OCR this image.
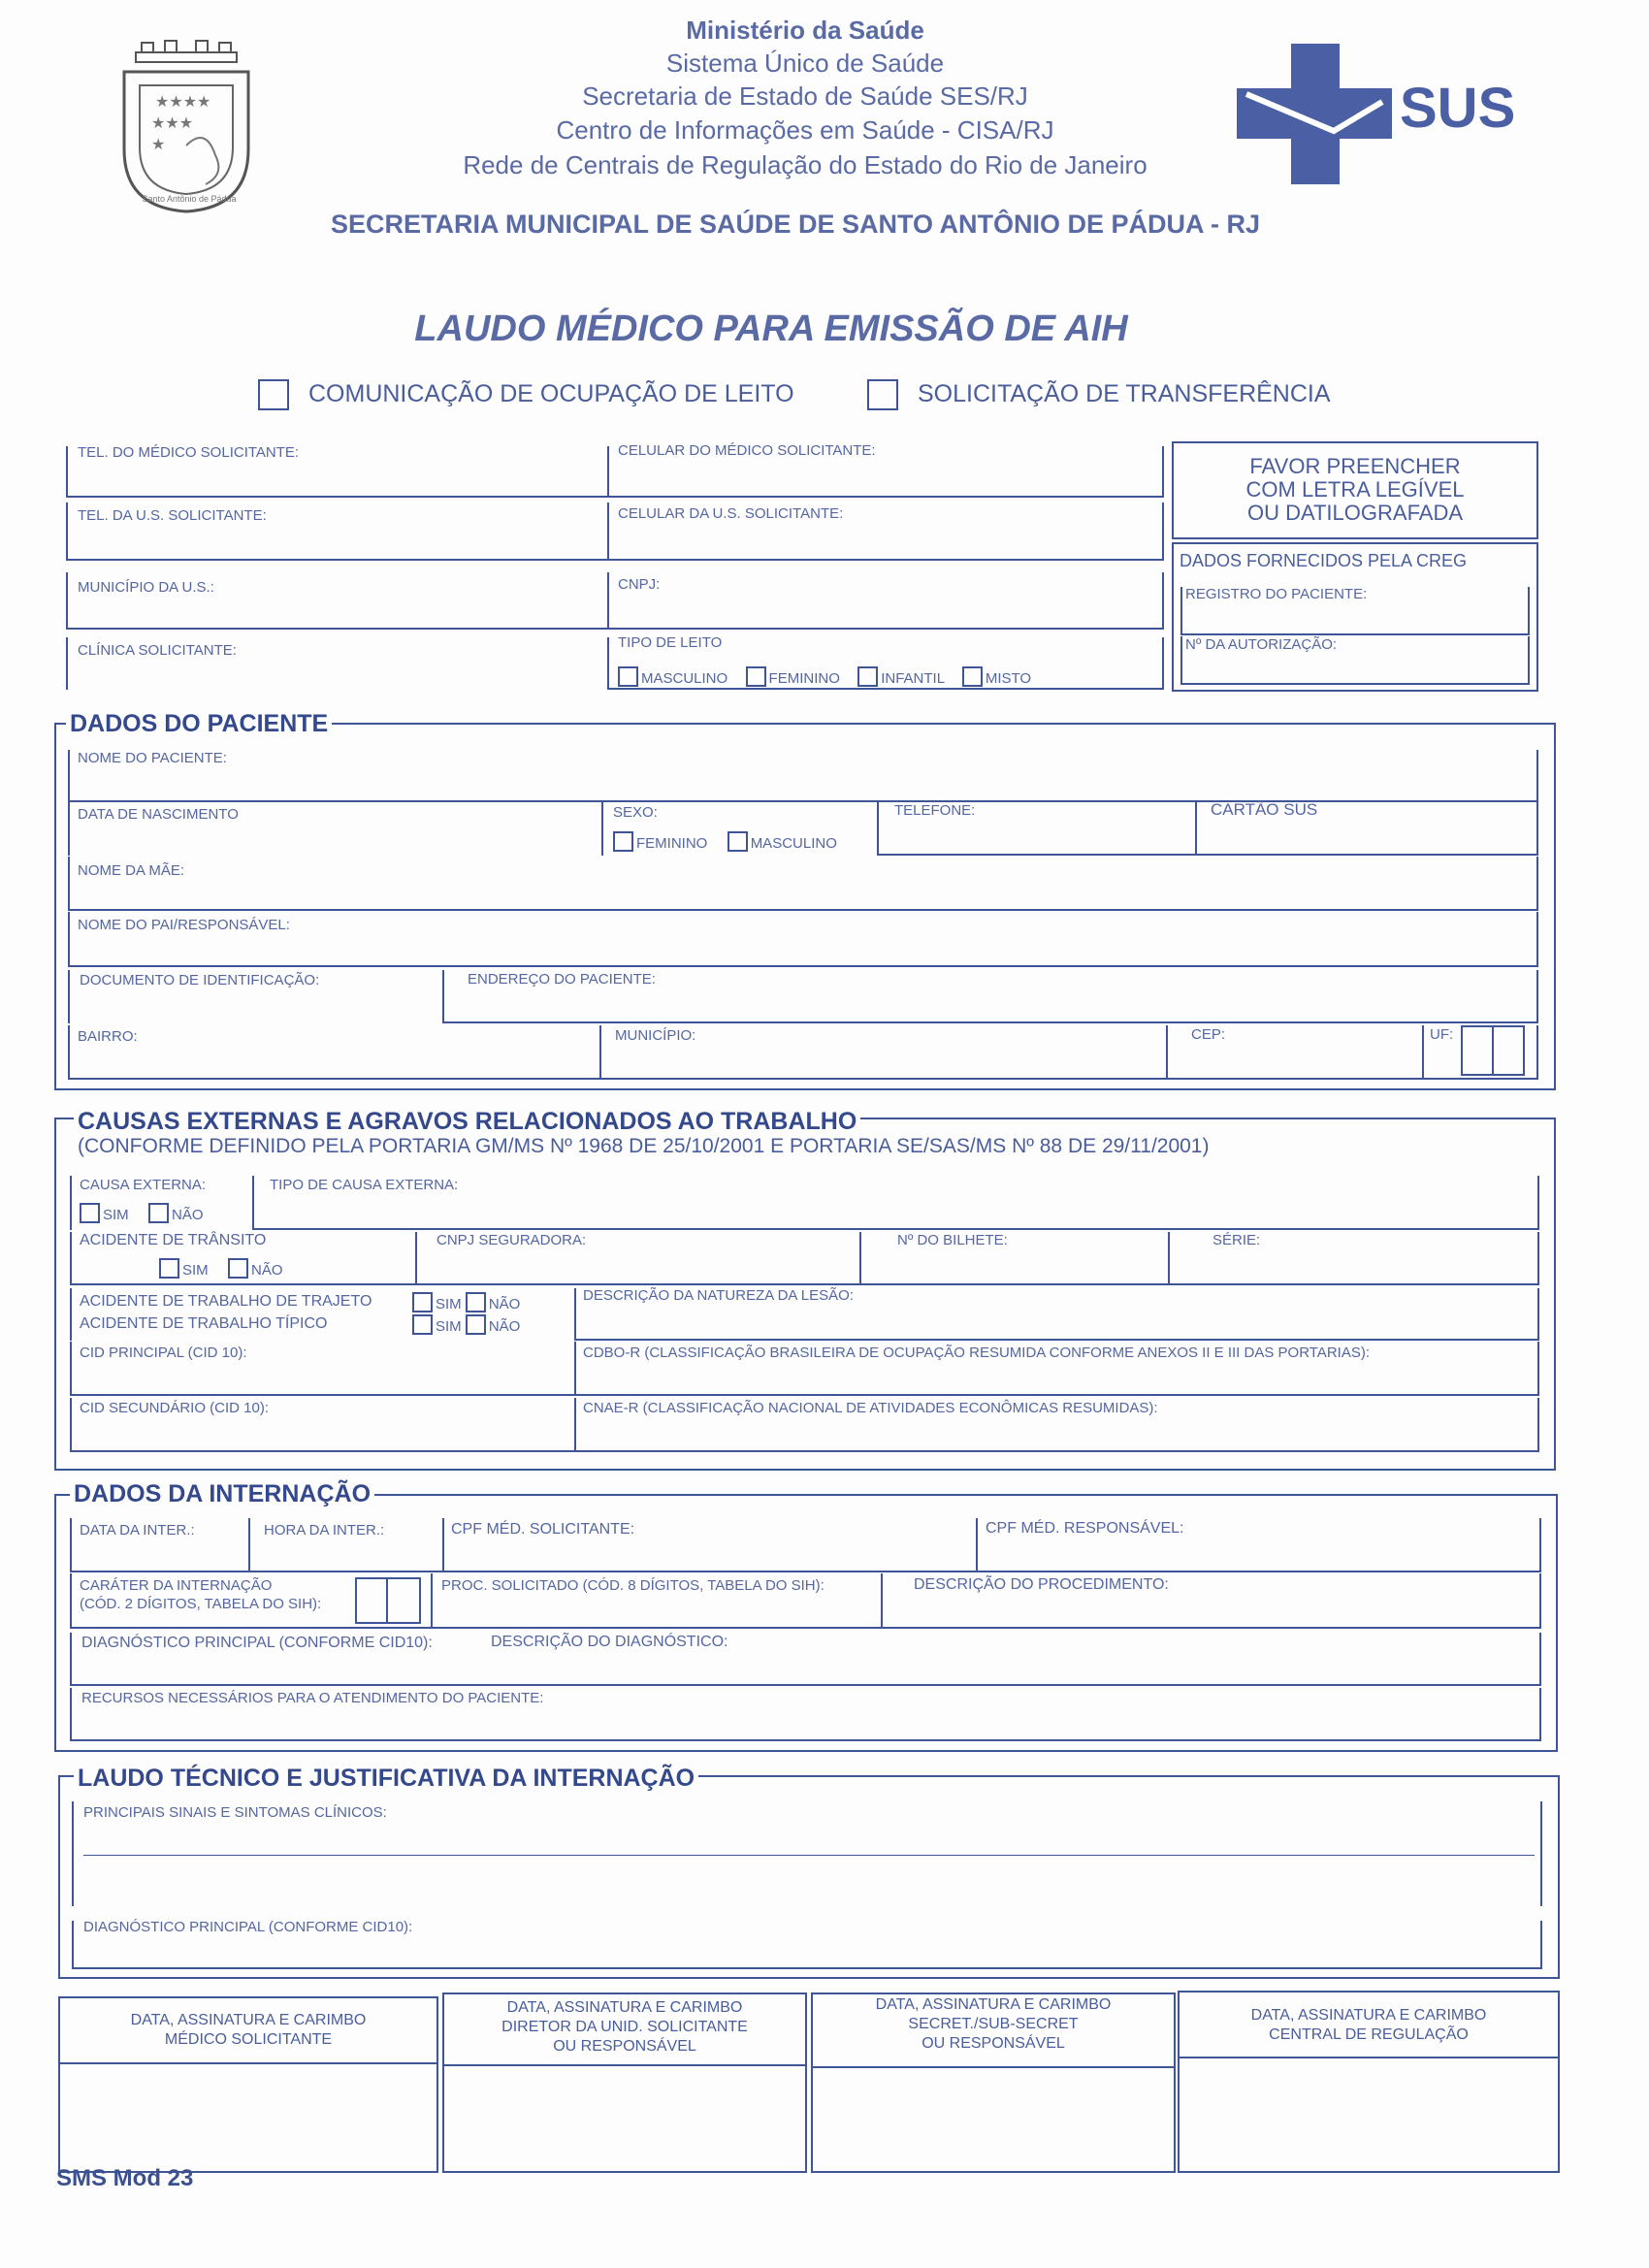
★★★★
★★★
★
Santo Antônio de Pádua
Ministério da Saúde
Sistema Único de Saúde
Secretaria de Estado de Saúde SES/RJ
Centro de Informações em Saúde - CISA/RJ
Rede de Centrais de Regulação do Estado do Rio de Janeiro
SECRETARIA MUNICIPAL DE SAÚDE DE SANTO ANTÔNIO DE PÁDUA - RJ
SUS
LAUDO MÉDICO PARA EMISSÃO DE AIH
COMUNICAÇÃO DE OCUPAÇÃO DE LEITO	SOLICITAÇÃO DE TRANSFERÊNCIA
TEL. DO MÉDICO SOLICITANTE:	CELULAR DO MÉDICO SOLICITANTE:
TEL. DA U.S. SOLICITANTE:	CELULAR DA U.S. SOLICITANTE:
MUNICÍPIO DA U.S.:	CNPJ:
CLÍNICA SOLICITANTE:	TIPO DE LEITO
MASCULINO	FEMININO	INFANTIL	MISTO
FAVOR PREENCHER
COM LETRA LEGÍVEL
OU DATILOGRAFADA
DADOS FORNECIDOS PELA CREG
REGISTRO DO PACIENTE:
Nº DA AUTORIZAÇÃO:
DADOS DO PACIENTE
NOME DO PACIENTE:
DATA DE NASCIMENTO	SEXO:
FEMININO	MASCULINO
TELEFONE:	CARTÃO SUS
NOME DA MÃE:
NOME DO PAI/RESPONSÁVEL:
DOCUMENTO DE IDENTIFICAÇÃO:	ENDEREÇO DO PACIENTE:
BAIRRO:	MUNICÍPIO:	CEP:	UF:
CAUSAS EXTERNAS E AGRAVOS RELACIONADOS AO TRABALHO
(CONFORME DEFINIDO PELA PORTARIA GM/MS Nº 1968 DE 25/10/2001 E PORTARIA SE/SAS/MS Nº 88 DE 29/11/2001)
CAUSA EXTERNA:
SIM	NÃO
TIPO DE CAUSA EXTERNA:
ACIDENTE DE TRÂNSITO
SIM	NÃO
CNPJ SEGURADORA:	Nº DO BILHETE:	SÉRIE:
ACIDENTE DE TRABALHO DE TRAJETO
ACIDENTE DE TRABALHO TÍPICO
SIM NÃO
SIM NÃO
DESCRIÇÃO DA NATUREZA DA LESÃO:
CID PRINCIPAL (CID 10):	CDBO-R (CLASSIFICAÇÃO BRASILEIRA DE OCUPAÇÃO RESUMIDA CONFORME ANEXOS II E III DAS PORTARIAS):
CID SECUNDÁRIO (CID 10):	CNAE-R (CLASSIFICAÇÃO NACIONAL DE ATIVIDADES ECONÔMICAS RESUMIDAS):
DADOS DA INTERNAÇÃO
DATA DA INTER.:	HORA DA INTER.:	CPF MÉD. SOLICITANTE:	CPF MÉD. RESPONSÁVEL:
CARÁTER DA INTERNAÇÃO
(CÓD. 2 DÍGITOS, TABELA DO SIH):
PROC. SOLICITADO (CÓD. 8 DÍGITOS, TABELA DO SIH):	DESCRIÇÃO DO PROCEDIMENTO:
DIAGNÓSTICO PRINCIPAL (CONFORME CID10):	DESCRIÇÃO DO DIAGNÓSTICO:
RECURSOS NECESSÁRIOS PARA O ATENDIMENTO DO PACIENTE:
LAUDO TÉCNICO E JUSTIFICATIVA DA INTERNAÇÃO
PRINCIPAIS SINAIS E SINTOMAS CLÍNICOS:
DIAGNÓSTICO PRINCIPAL (CONFORME CID10):
DATA, ASSINATURA E CARIMBO
MÉDICO SOLICITANTE
DATA, ASSINATURA E CARIMBO
DIRETOR DA UNID. SOLICITANTE
OU RESPONSÁVEL
DATA, ASSINATURA E CARIMBO
SECRET./SUB-SECRET
OU RESPONSÁVEL
DATA, ASSINATURA E CARIMBO
CENTRAL DE REGULAÇÃO
SMS Mod 23
